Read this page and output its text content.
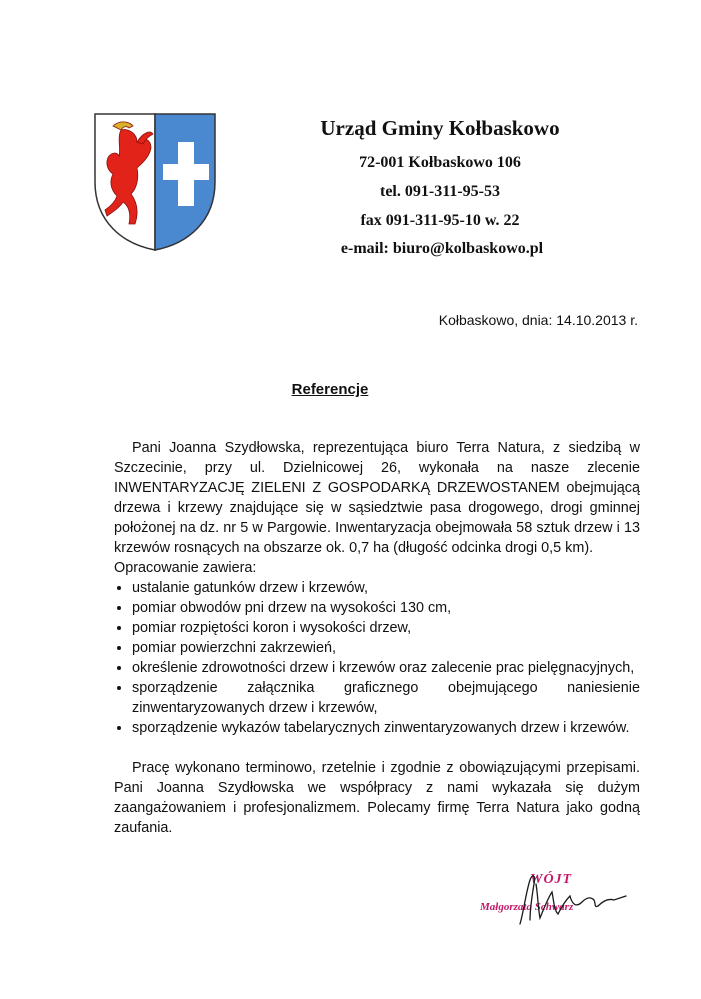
Urząd Gminy Kołbaskowo
72-001 Kołbaskowo 106
tel. 091-311-95-53
fax 091-311-95-10 w. 22
e-mail: biuro@kolbaskowo.pl
Kołbaskowo, dnia: 14.10.2013 r.
Referencje

Pani Joanna Szydłowska, reprezentująca biuro Terra Natura, z siedzibą w Szczecinie, przy ul. Dzielnicowej 26, wykonała na nasze zlecenie INWENTARYZACJĘ ZIELENI Z GOSPODARKĄ DRZEWOSTANEM obejmującą drzewa i krzewy znajdujące się w sąsiedztwie pasa drogowego, drogi gminnej położonej na dz. nr 5 w Pargowie. Inwentaryzacja obejmowała 58 sztuk drzew i 13 krzewów rosnących na obszarze ok. 0,7 ha (długość odcinka drogi 0,5 km).

Opracowanie zawiera:

• ustalanie gatunków drzew i krzewów,
• pomiar obwodów pni drzew na wysokości 130 cm,
• pomiar rozpiętości koron i wysokości drzew,
• pomiar powierzchni zakrzewień,
• określenie zdrowotności drzew i krzewów oraz zalecenie prac pielęgnacyjnych,
• sporządzenie załącznika graficznego obejmującego naniesienie zinwentaryzowanych drzew i krzewów,
• sporządzenie wykazów tabelarycznych zinwentaryzowanych drzew i krzewów.

Pracę wykonano terminowo, rzetelnie i zgodnie z obowiązującymi przepisami. Pani Joanna Szydłowska we współpracy z nami wykazała się dużym zaangażowaniem i profesjonalizmem. Polecamy firmę Terra Natura jako godną zaufania.

WÓJT
Małgorzata Schwarz
